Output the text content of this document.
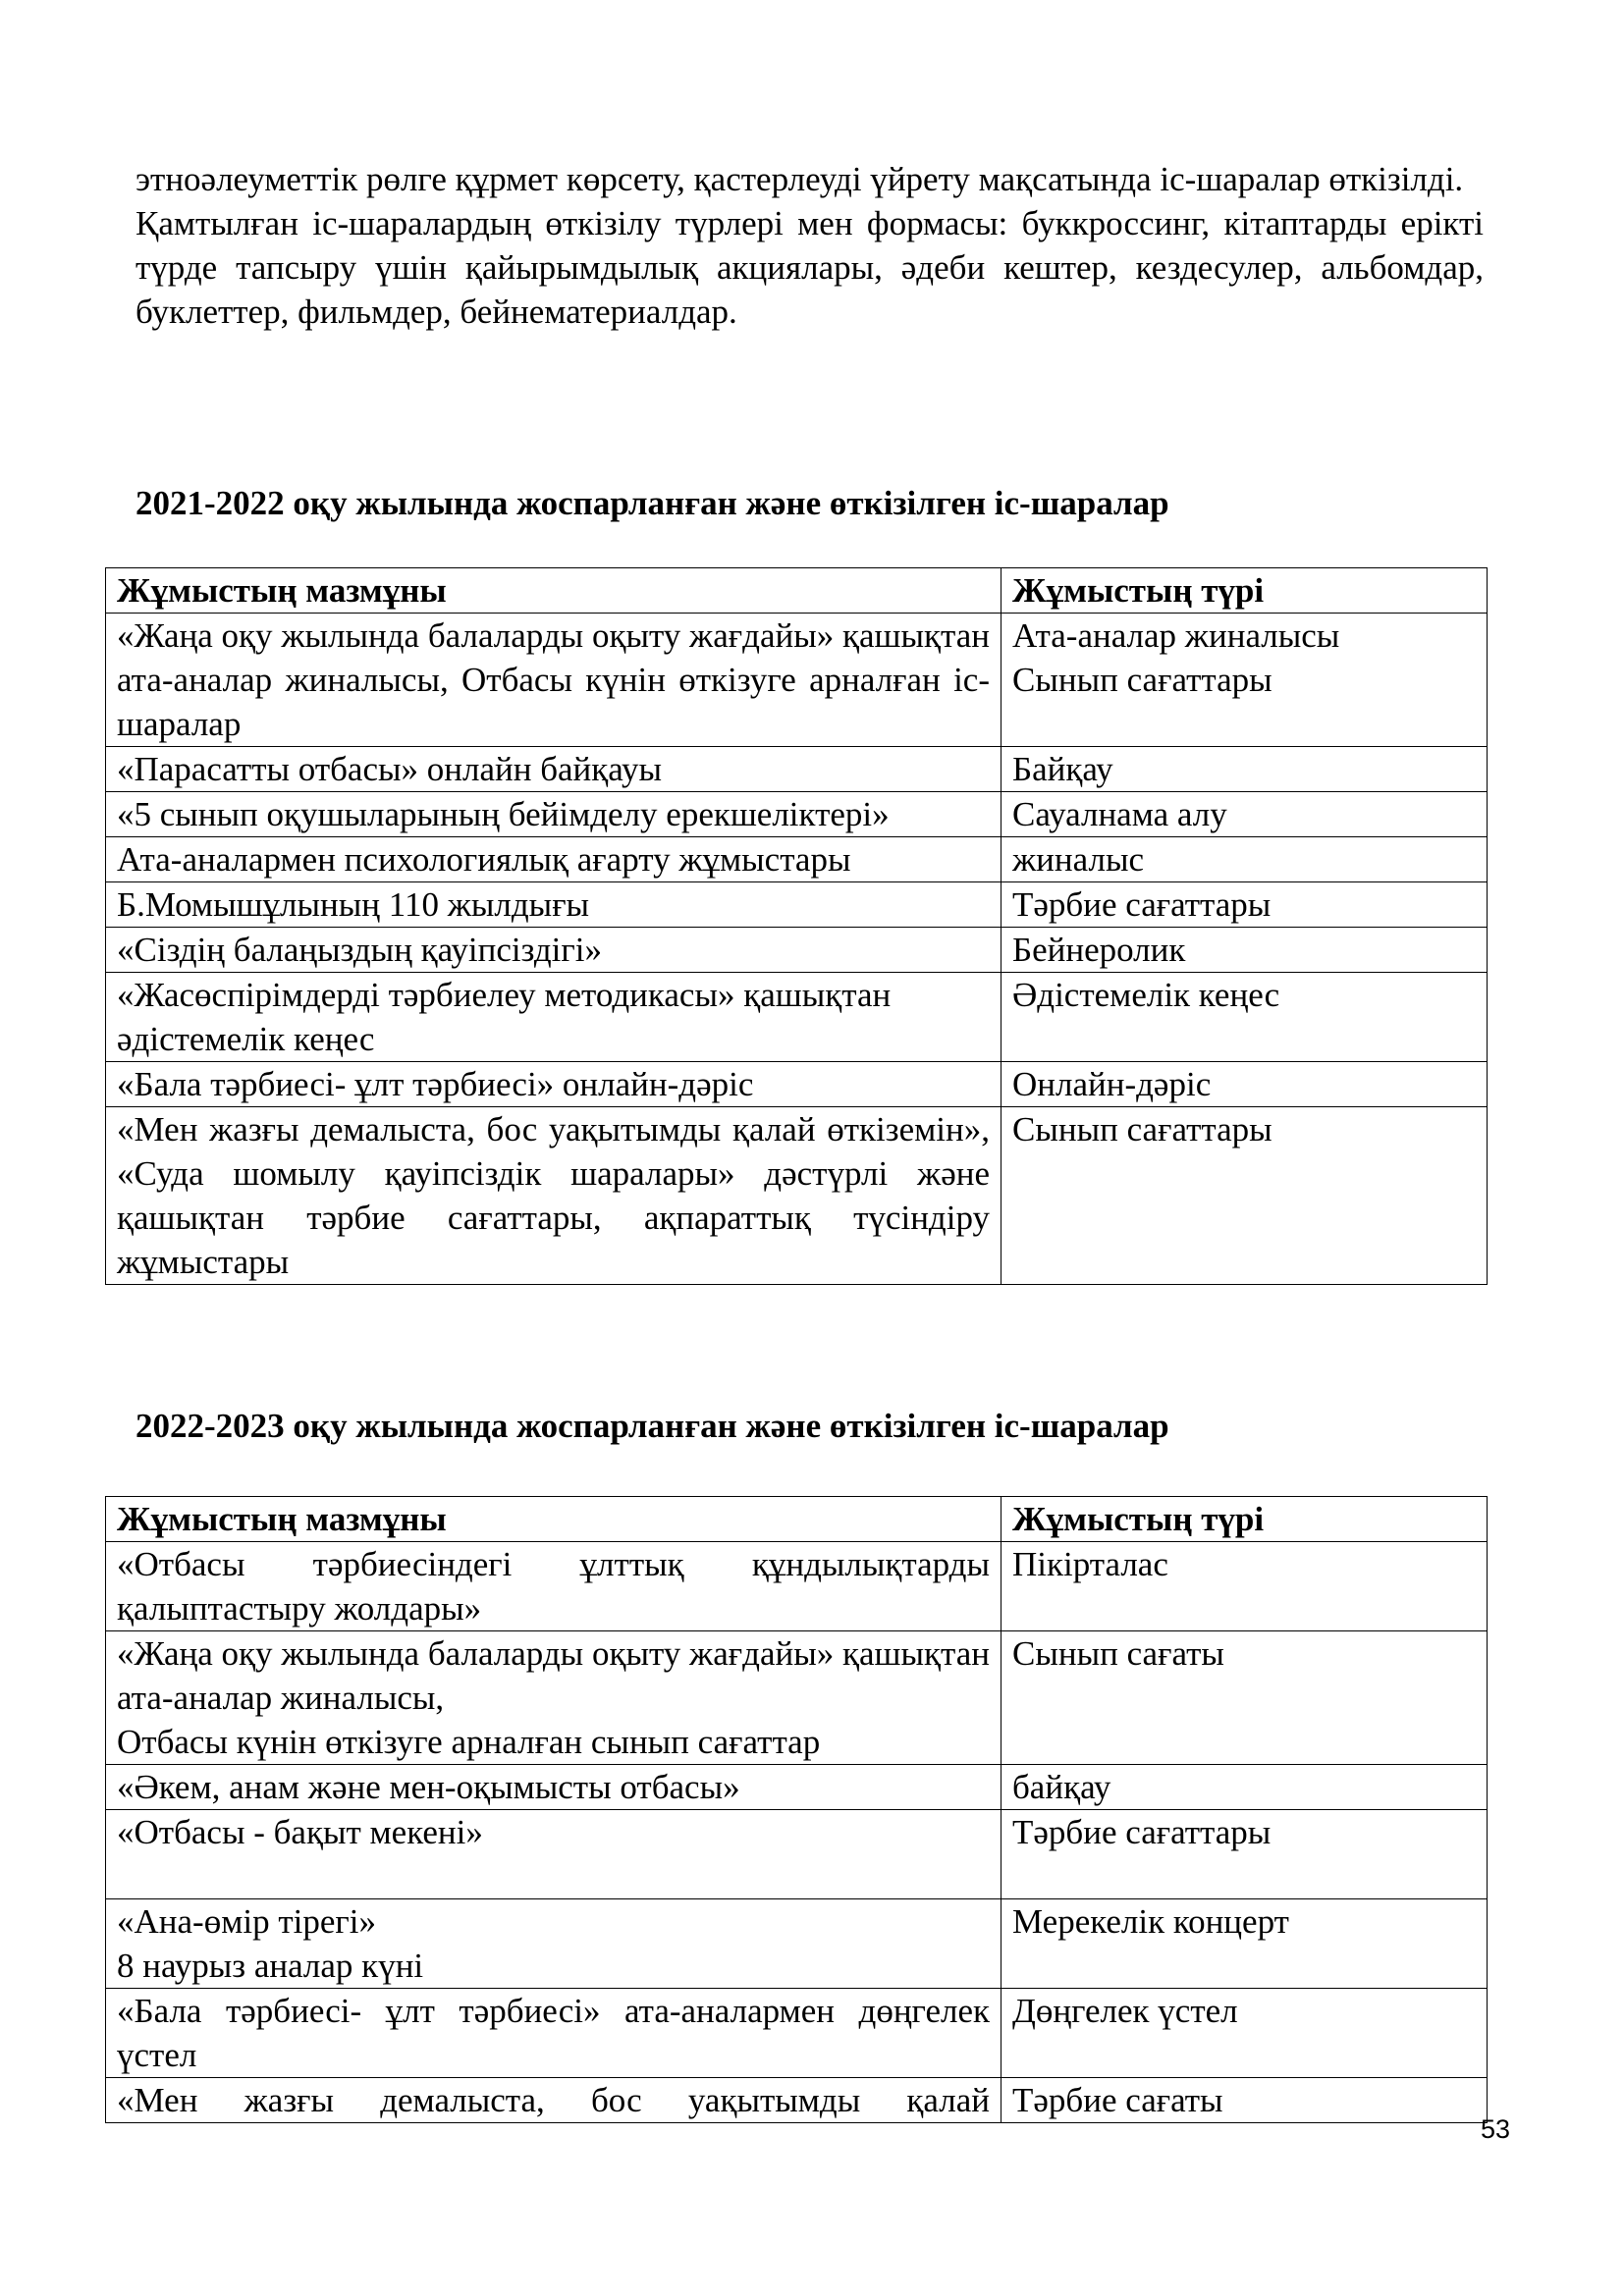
этноәлеуметтік рөлге құрмет көрсету, қастерлеуді үйрету мақсатында іс-шаралар өткізілді.

Қамтылған іс-шаралардың өткізілу түрлері мен формасы: буккроссинг, кітаптарды ерікті түрде тапсыру үшін қайырымдылық акциялары, әдеби кештер, кездесулер, альбомдар, буклеттер, фильмдер, бейнематериалдар.

2021-2022 оқу жылында жоспарланған және өткізілген іс-шаралар
Жұмыстың мазмұны	Жұмыстың түрі
«Жаңа оқу жылында балаларды оқыту жағдайы» қашықтан ата-аналар жиналысы, Отбасы күнін өткізуге арналған іс-шаралар	Ата-аналар жиналысы
Сынып сағаттары

«Парасатты отбасы» онлайн байқауы	Байқау
«5 сынып оқушыларының бейімделу ерекшеліктері»	Сауалнама алу
Ата-аналармен психологиялық ағарту жұмыстары	жиналыс
Б.Момышұлының 110 жылдығы	Тәрбие сағаттары
«Сіздің балаңыздың қауіпсіздігі»	Бейнеролик
«Жасөспірімдерді тәрбиелеу методикасы» қашықтан әдістемелік кеңес	Әдістемелік кеңес
«Бала тәрбиесі- ұлт тәрбиесі» онлайн-дәріс	Онлайн-дәріс
«Мен жазғы демалыста, бос уақытымды қалай өткіземін», «Суда шомылу қауіпсіздік шаралары» дәстүрлі және қашықтан тәрбие сағаттары, ақпараттық түсіндіру жұмыстары	Сынып сағаттары
2022-2023 оқу жылында жоспарланған және өткізілген іс-шаралар
Жұмыстың мазмұны	Жұмыстың түрі
«Отбасы тәрбиесіндегі ұлттық құндылықтарды қалыптастыру жолдары»	Пікірталас
«Жаңа оқу жылында балаларды оқыту жағдайы» қашықтан ата-аналар жиналысы,
Отбасы күнін өткізуге арналған сынып сағаттар	Сынып сағаты
«Әкем, анам және мен-оқымысты отбасы»	байқау
«Отбасы - бақыт мекені»	Тәрбие сағаттары
«Ана-өмір тірегі»
8 наурыз аналар күні	Мерекелік концерт
«Бала тәрбиесі- ұлт тәрбиесі» ата-аналармен дөңгелек үстел	Дөңгелек үстел
«Мен жазғы демалыста, бос уақытымды қалай	Тәрбие сағаты
53
